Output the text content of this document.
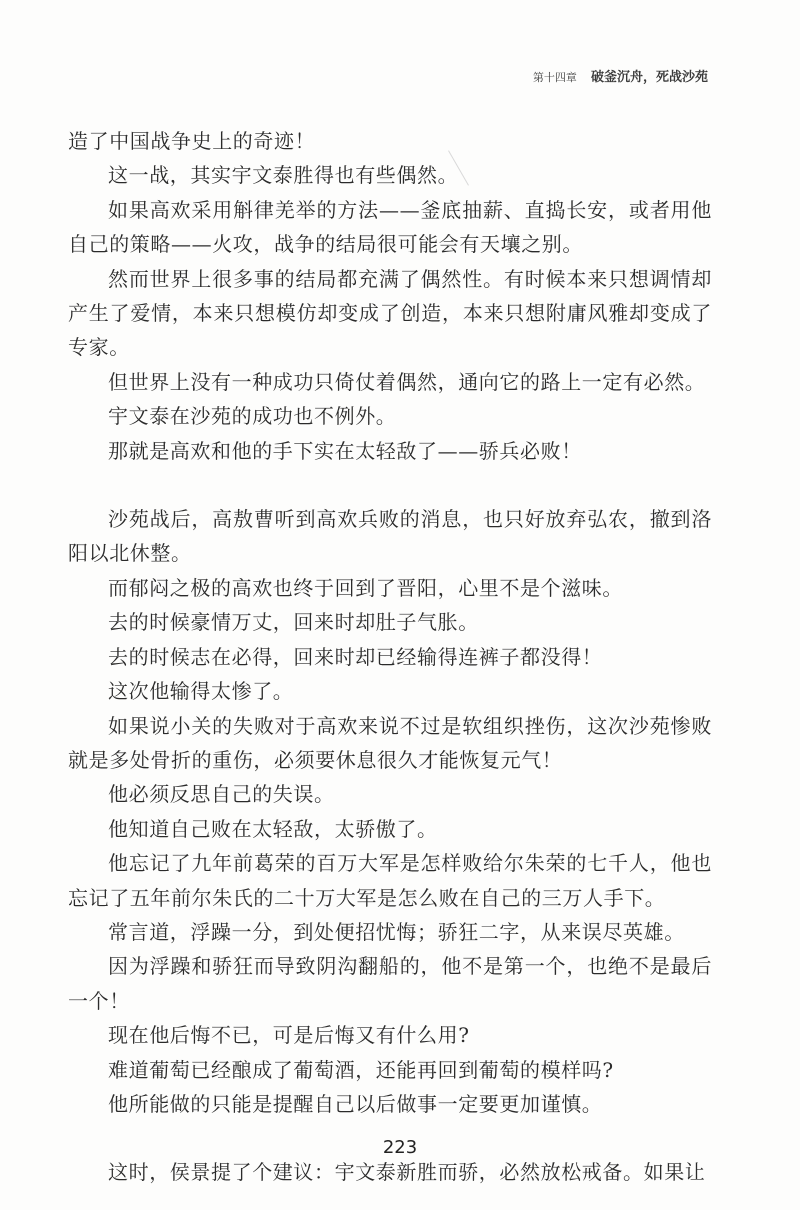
第十四章 破釜沉舟，死战沙苑

造了中国战争史上的奇迹！

这一战，其实宇文泰胜得也有些偶然。

如果高欢采用斛律羌举的方法——釜底抽薪、直捣长安，或者用他自己的策略——火攻，战争的结局很可能会有天壤之别。

然而世界上很多事的结局都充满了偶然性。有时候本来只想调情却产生了爱情，本来只想模仿却变成了创造，本来只想附庸风雅却变成了专家。

但世界上没有一种成功只倚仗着偶然，通向它的路上一定有必然。

宇文泰在沙苑的成功也不例外。

那就是高欢和他的手下实在太轻敌了——骄兵必败！

沙苑战后，高敖曹听到高欢兵败的消息，也只好放弃弘农，撤到洛阳以北休整。

而郁闷之极的高欢也终于回到了晋阳，心里不是个滋味。

去的时候豪情万丈，回来时却肚子气胀。

去的时候志在必得，回来时却已经输得连裤子都没得！

这次他输得太惨了。

如果说小关的失败对于高欢来说不过是软组织挫伤，这次沙苑惨败就是多处骨折的重伤，必须要休息很久才能恢复元气！

他必须反思自己的失误。

他知道自己败在太轻敌，太骄傲了。

他忘记了九年前葛荣的百万大军是怎样败给尔朱荣的七千人，他也忘记了五年前尔朱氏的二十万大军是怎么败在自己的三万人手下。

常言道，浮躁一分，到处便招忧悔；骄狂二字，从来误尽英雄。

因为浮躁和骄狂而导致阴沟翻船的，他不是第一个，也绝不是最后一个！

现在他后悔不已，可是后悔又有什么用?

难道葡萄已经酿成了葡萄酒，还能再回到葡萄的模样吗?

他所能做的只能是提醒自己以后做事一定要更加谨慎。

这时，侯景提了个建议：宇文泰新胜而骄，必然放松戒备。如果让

223
